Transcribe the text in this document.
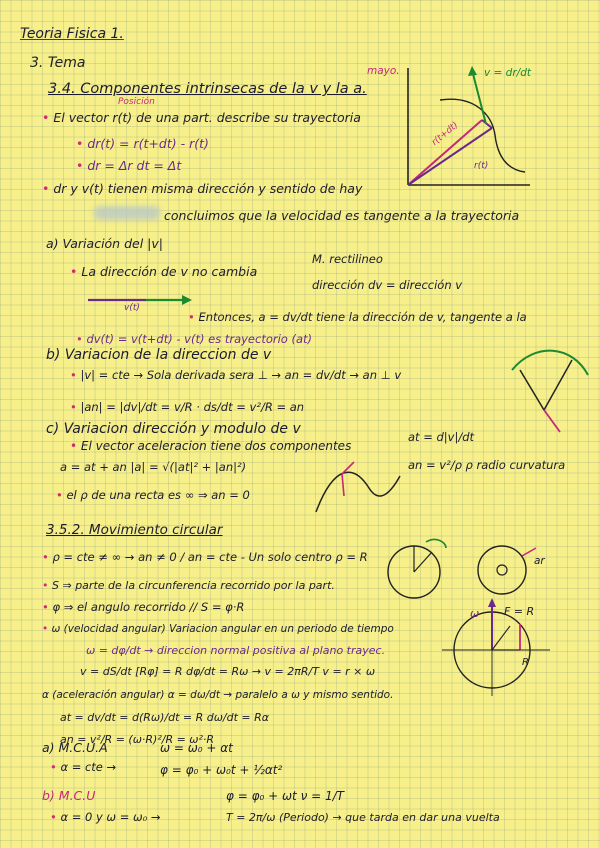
Teoria Fisica 1.
3. Tema
3.4. Componentes intrinsecas de la v y la a.
mayo.
Posición
• El vector r(t) de una part. describe su trayectoria
• dr(t) = r(t+dt) - r(t)
• dr = Δr dt = Δt
• dr y v(t) tienen misma dirección y sentido de hay
concluimos que la velocidad es tangente a la trayectoria
a) Variación del |v|
• La dirección de v no cambia
M. rectilineo
dirección dv = dirección v
v(t)
• Entonces, a = dv/dt tiene la dirección de v, tangente a la
• dv(t) = v(t+dt) - v(t) es trayectorio (at)
b) Variacion de la direccion de v
• |v| = cte → Sola derivada sera ⊥ → an = dv/dt → an ⊥ v
• |an| = |dv|/dt = v/R · ds/dt = v²/R = an
c) Variacion dirección y modulo de v
• El vector aceleracion tiene dos componentes
a = at + an |a| = √(|at|² + |an|²)
• el ρ de una recta es ∞ ⇒ an = 0
at = d|v|/dt
an = v²/ρ ρ radio curvatura
3.5.2. Movimiento circular
• ρ = cte ≠ ∞ → an ≠ 0 / an = cte - Un solo centro ρ = R
• S ⇒ parte de la circunferencia recorrido por la part.
• φ ⇒ el angulo recorrido // S = φ·R
• ω (velocidad angular) Variacion angular en un periodo de tiempo
ω = dφ/dt → direccion normal positiva al plano trayec.
v = dS/dt [Rφ] = R dφ/dt = Rω → v = 2πR/T v = r × ω
α (aceleración angular) α = dω/dt → paralelo a ω y mismo sentido.
at = dv/dt = d(Rω)/dt = R dω/dt = Rα
an = v²/R = (ω·R)²/R = ω²·R
a) M.C.U.A
• α = cte →
ω = ω₀ + αt
φ = φ₀ + ω₀t + ½αt²
b) M.C.U
• α = 0 y ω = ω₀ →
φ = φ₀ + ωt ν = 1/T
T = 2π/ω (Periodo) → que tarda en dar una vuelta
v = dr/dt
r(t+dt)
r(t)
ar
F = R
ω
R
